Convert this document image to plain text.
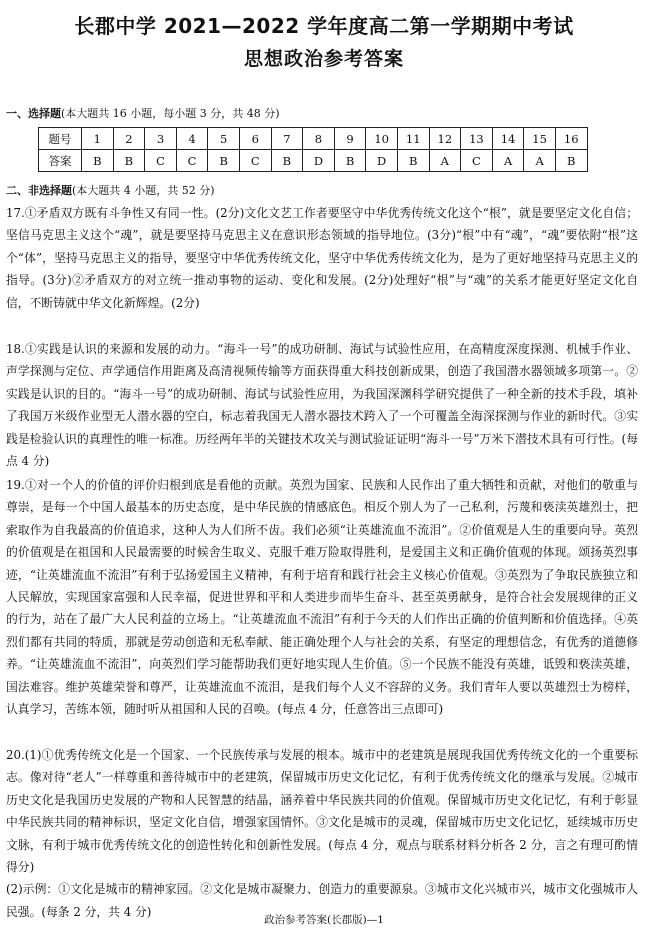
长郡中学 2021—2022 学年度高二第一学期期中考试
思想政治参考答案
一、选择题(本大题共 16 小题，每小题 3 分，共 48 分)
题号	1	2	3	4	5	6	7	8	9	10	11	12	13	14	15	16
答案	B	B	C	C	B	C	B	D	B	D	B	A	C	A	A	B
二、非选择题(本大题共 4 小题，共 52 分)

17.①矛盾双方既有斗争性又有同一性。(2分)文化文艺工作者要坚守中华优秀传统文化这个“根”，就是要坚定文化自信；坚信马克思主义这个“魂”，就是要坚持马克思主义在意识形态领域的指导地位。(3分)“根”中有“魂”，“魂”要依附“根”这个“体”，坚持马克思主义的指导，要坚守中华优秀传统文化，坚守中华优秀传统文化为，是为了更好地坚持马克思主义的指导。(3分)②矛盾双方的对立统一推动事物的运动、变化和发展。(2分)处理好“根”与“魂”的关系才能更好坚定文化自信，不断铸就中华文化新辉煌。(2分)

18.①实践是认识的来源和发展的动力。“海斗一号”的成功研制、海试与试验性应用，在高精度深度探测、机械手作业、声学探测与定位、声学通信作用距离及高清视频传输等方面获得重大科技创新成果，创造了我国潜水器领域多项第一。②实践是认识的目的。“海斗一号”的成功研制、海试与试验性应用，为我国深渊科学研究提供了一种全新的技术手段，填补了我国万米级作业型无人潜水器的空白，标志着我国无人潜水器技术跨入了一个可覆盖全海深探测与作业的新时代。③实践是检验认识的真理性的唯一标准。历经两年半的关键技术攻关与测试验证证明“海斗一号”万米下潜技术具有可行性。(每点 4 分)

19.①对一个人的价值的评价归根到底是看他的贡献。英烈为国家、民族和人民作出了重大牺牲和贡献，对他们的敬重与尊崇，是每一个中国人最基本的历史态度，是中华民族的情感底色。相反个别人为了一己私利，污蔑和亵渎英雄烈士，把索取作为自我最高的价值追求，这种人为人们所不齿。我们必须“让英雄流血不流泪”。②价值观是人生的重要向导。英烈的价值观是在祖国和人民最需要的时候舍生取义、克服千难万险取得胜利，是爱国主义和正确价值观的体现。颂扬英烈事迹，“让英雄流血不流泪”有利于弘扬爱国主义精神，有利于培育和践行社会主义核心价值观。③英烈为了争取民族独立和人民解放，实现国家富强和人民幸福，促进世界和平和人类进步而毕生奋斗、甚至英勇献身，是符合社会发展规律的正义的行为，站在了最广大人民利益的立场上。“让英雄流血不流泪”有利于今天的人们作出正确的价值判断和价值选择。④英烈们都有共同的特质，那就是劳动创造和无私奉献、能正确处理个人与社会的关系，有坚定的理想信念，有优秀的道德修养。“让英雄流血不流泪”，向英烈们学习能帮助我们更好地实现人生价值。⑤一个民族不能没有英雄，诋毁和亵渎英雄，国法难容。维护英雄荣誉和尊严，让英雄流血不流泪，是我们每个人义不容辞的义务。我们青年人要以英雄烈士为榜样，认真学习，苦练本领，随时听从祖国和人民的召唤。(每点 4 分，任意答出三点即可)

20.(1)①优秀传统文化是一个国家、一个民族传承与发展的根本。城市中的老建筑是展现我国优秀传统文化的一个重要标志。像对待“老人”一样尊重和善待城市中的老建筑，保留城市历史文化记忆，有利于优秀传统文化的继承与发展。②城市历史文化是我国历史发展的产物和人民智慧的结晶，涵养着中华民族共同的价值观。保留城市历史文化记忆，有利于彰显中华民族共同的精神标识，坚定文化自信，增强家国情怀。③文化是城市的灵魂，保留城市历史文化记忆，延续城市历史文脉，有利于城市优秀传统文化的创造性转化和创新性发展。(每点 4 分，观点与联系材料分析各 2 分，言之有理可酌情得分)

(2)示例：①文化是城市的精神家园。②文化是城市凝聚力、创造力的重要源泉。③城市文化兴城市兴，城市文化强城市人民强。(每条 2 分，共 4 分)

政治参考答案(长郡版)—1
